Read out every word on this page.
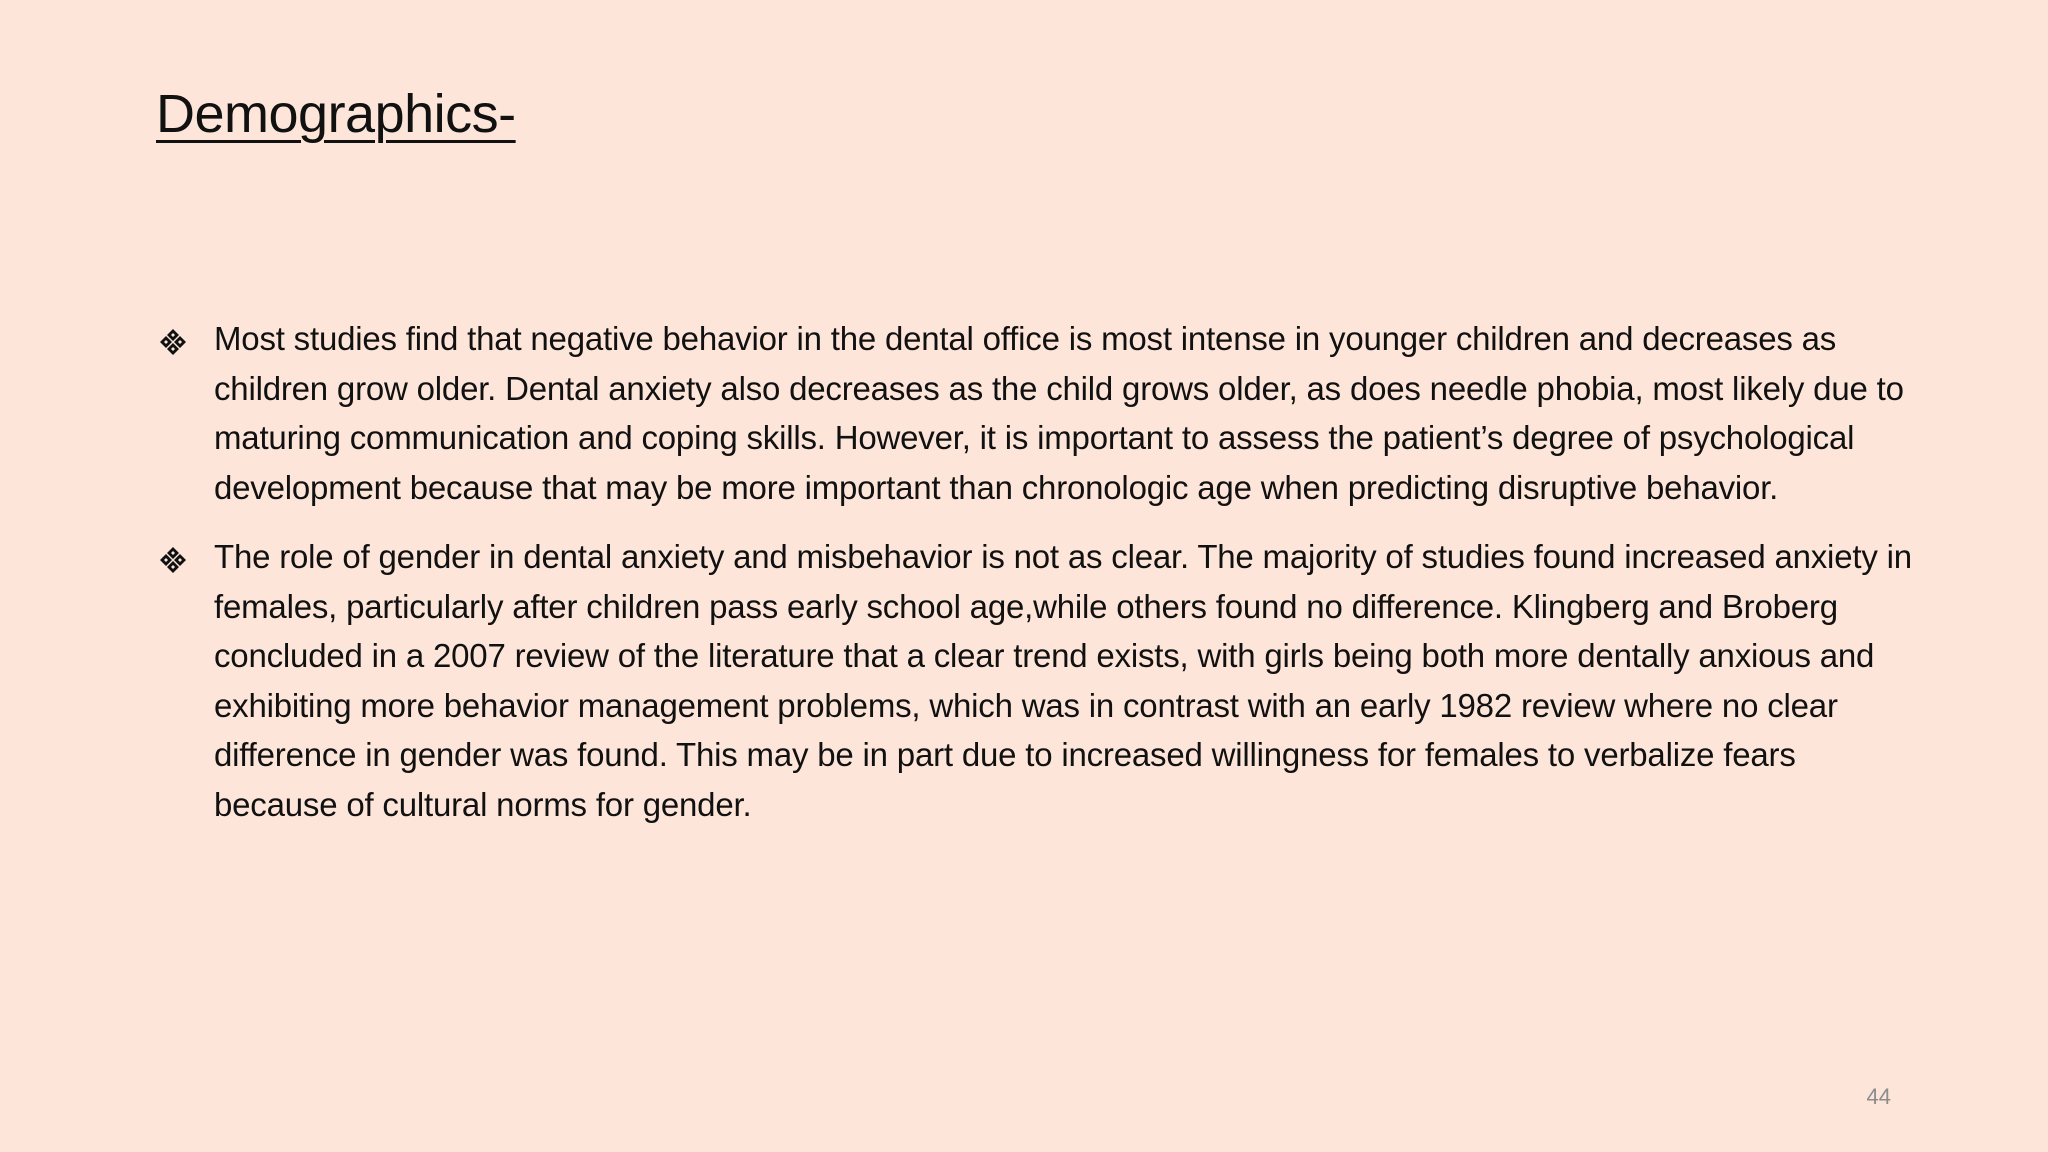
Demographics-
Most studies find that negative behavior in the dental office is most intense in younger children and decreases as children grow older. Dental anxiety also decreases as the child grows older, as does needle phobia, most likely due to maturing communication and coping skills. However, it is important to assess the patient’s degree of psychological development because that may be more important than chronologic age when predicting disruptive behavior.
The role of gender in dental anxiety and misbehavior is not as clear. The majority of studies found increased anxiety in females, particularly after children pass early school age,while others found no difference. Klingberg and Broberg concluded in a 2007 review of the literature that a clear trend exists, with girls being both more dentally anxious and exhibiting more behavior management problems, which was in contrast with an early 1982 review where no clear difference in gender was found. This may be in part due to increased willingness for females to verbalize fears because of cultural norms for gender.
44
